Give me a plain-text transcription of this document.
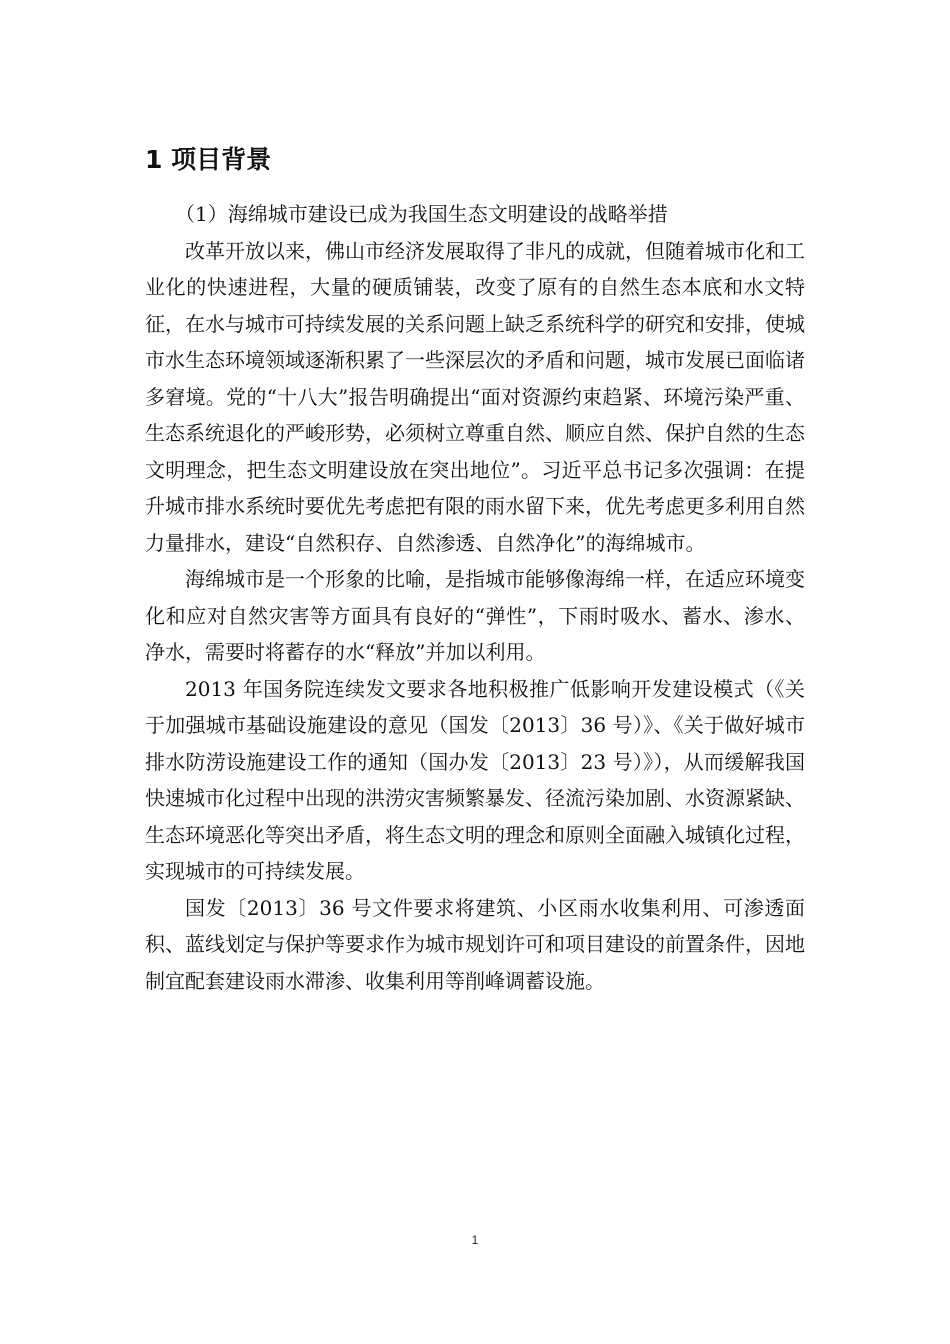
1 项目背景

（1）海绵城市建设已成为我国生态文明建设的战略举措

改革开放以来，佛山市经济发展取得了非凡的成就，但随着城市化和工业化的快速进程，大量的硬质铺装，改变了原有的自然生态本底和水文特征，在水与城市可持续发展的关系问题上缺乏系统科学的研究和安排，使城市水生态环境领域逐渐积累了一些深层次的矛盾和问题，城市发展已面临诸多窘境。党的“十八大”报告明确提出“面对资源约束趋紧、环境污染严重、生态系统退化的严峻形势，必须树立尊重自然、顺应自然、保护自然的生态文明理念，把生态文明建设放在突出地位”。习近平总书记多次强调：在提升城市排水系统时要优先考虑把有限的雨水留下来，优先考虑更多利用自然力量排水，建设“自然积存、自然渗透、自然净化”的海绵城市。

海绵城市是一个形象的比喻，是指城市能够像海绵一样，在适应环境变化和应对自然灾害等方面具有良好的“弹性”，下雨时吸水、蓄水、渗水、净水，需要时将蓄存的水“释放”并加以利用。

2013 年国务院连续发文要求各地积极推广低影响开发建设模式（《关于加强城市基础设施建设的意见（国发〔2013〕36 号）》、《关于做好城市排水防涝设施建设工作的通知（国办发〔2013〕23 号）》），从而缓解我国快速城市化过程中出现的洪涝灾害频繁暴发、径流污染加剧、水资源紧缺、生态环境恶化等突出矛盾，将生态文明的理念和原则全面融入城镇化过程，实现城市的可持续发展。

国发〔2013〕36 号文件要求将建筑、小区雨水收集利用、可渗透面积、蓝线划定与保护等要求作为城市规划许可和项目建设的前置条件，因地制宜配套建设雨水滞渗、收集利用等削峰调蓄设施。

1
